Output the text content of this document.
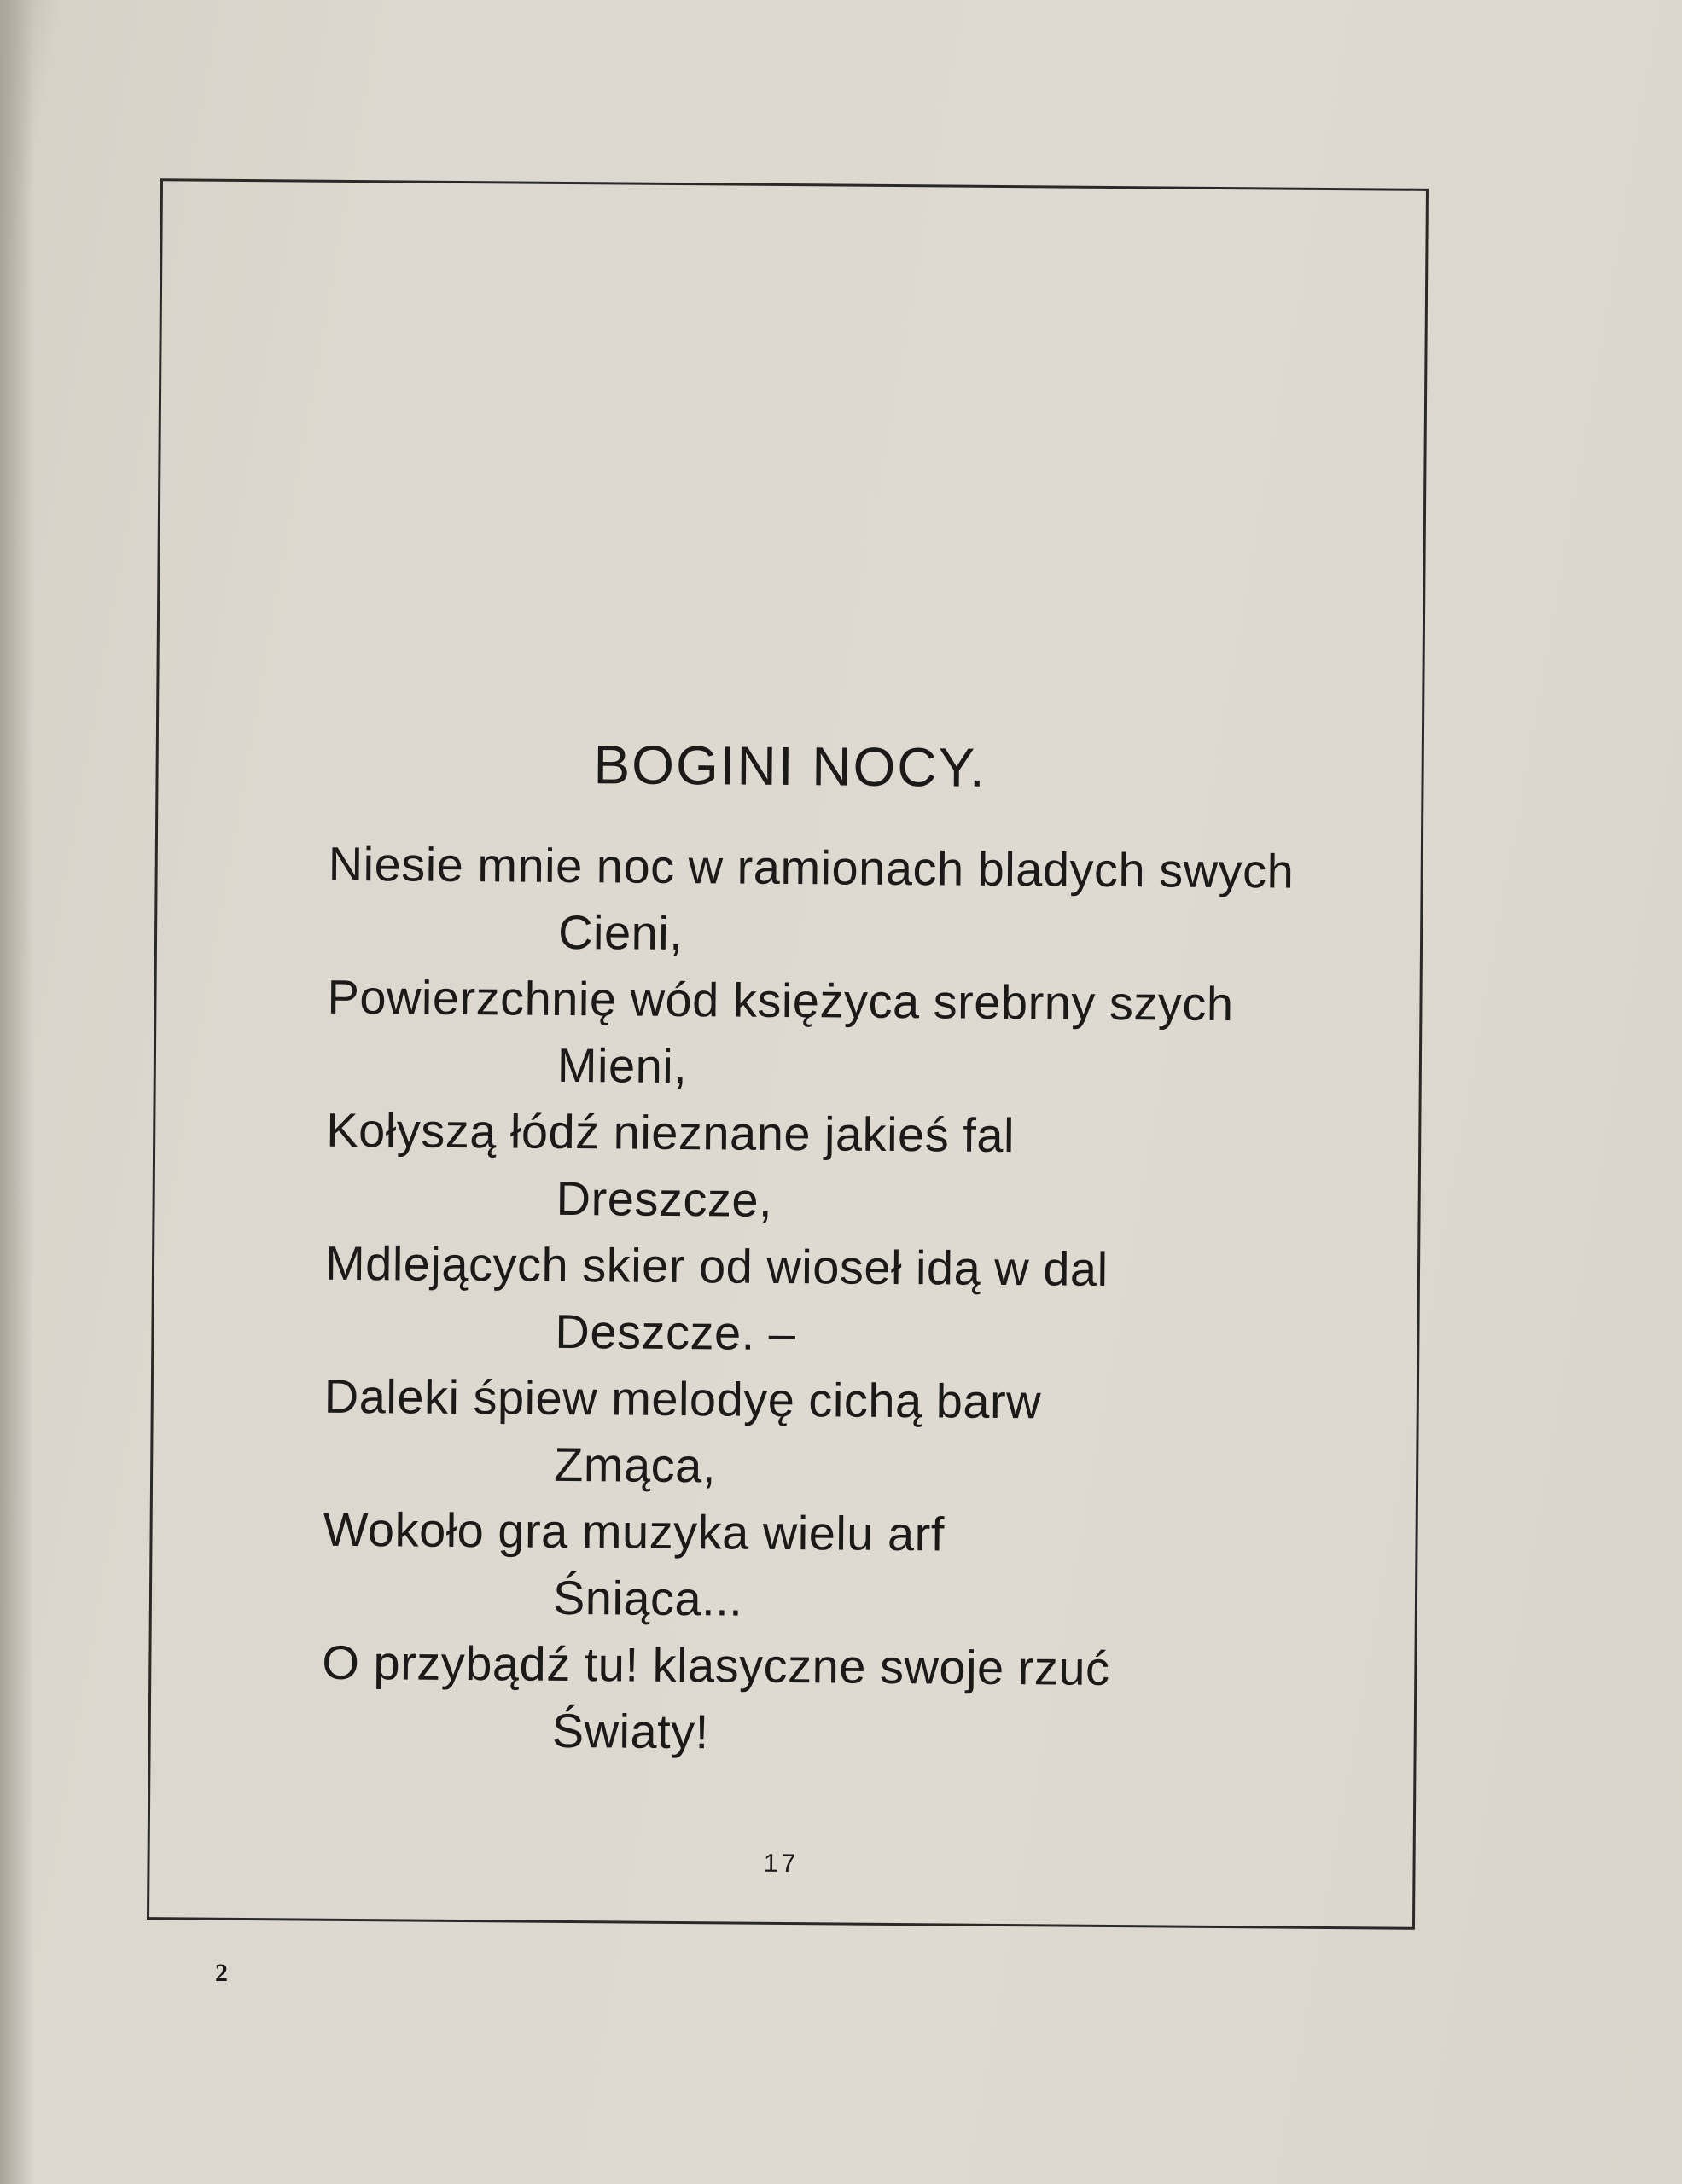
BOGINI NOCY.
Niesie mnie noc w ramionach bladych swych
Cieni,
Powierzchnię wód księżyca srebrny szych
Mieni,
Kołyszą łódź nieznane jakieś fal
Dreszcze,
Mdlejących skier od wioseł idą w dal
Deszcze. –
Daleki śpiew melodyę cichą barw
Zmąca,
Wokoło gra muzyka wielu arf
Śniąca...
O przybądź tu! klasyczne swoje rzuć
Światy!
17
2
